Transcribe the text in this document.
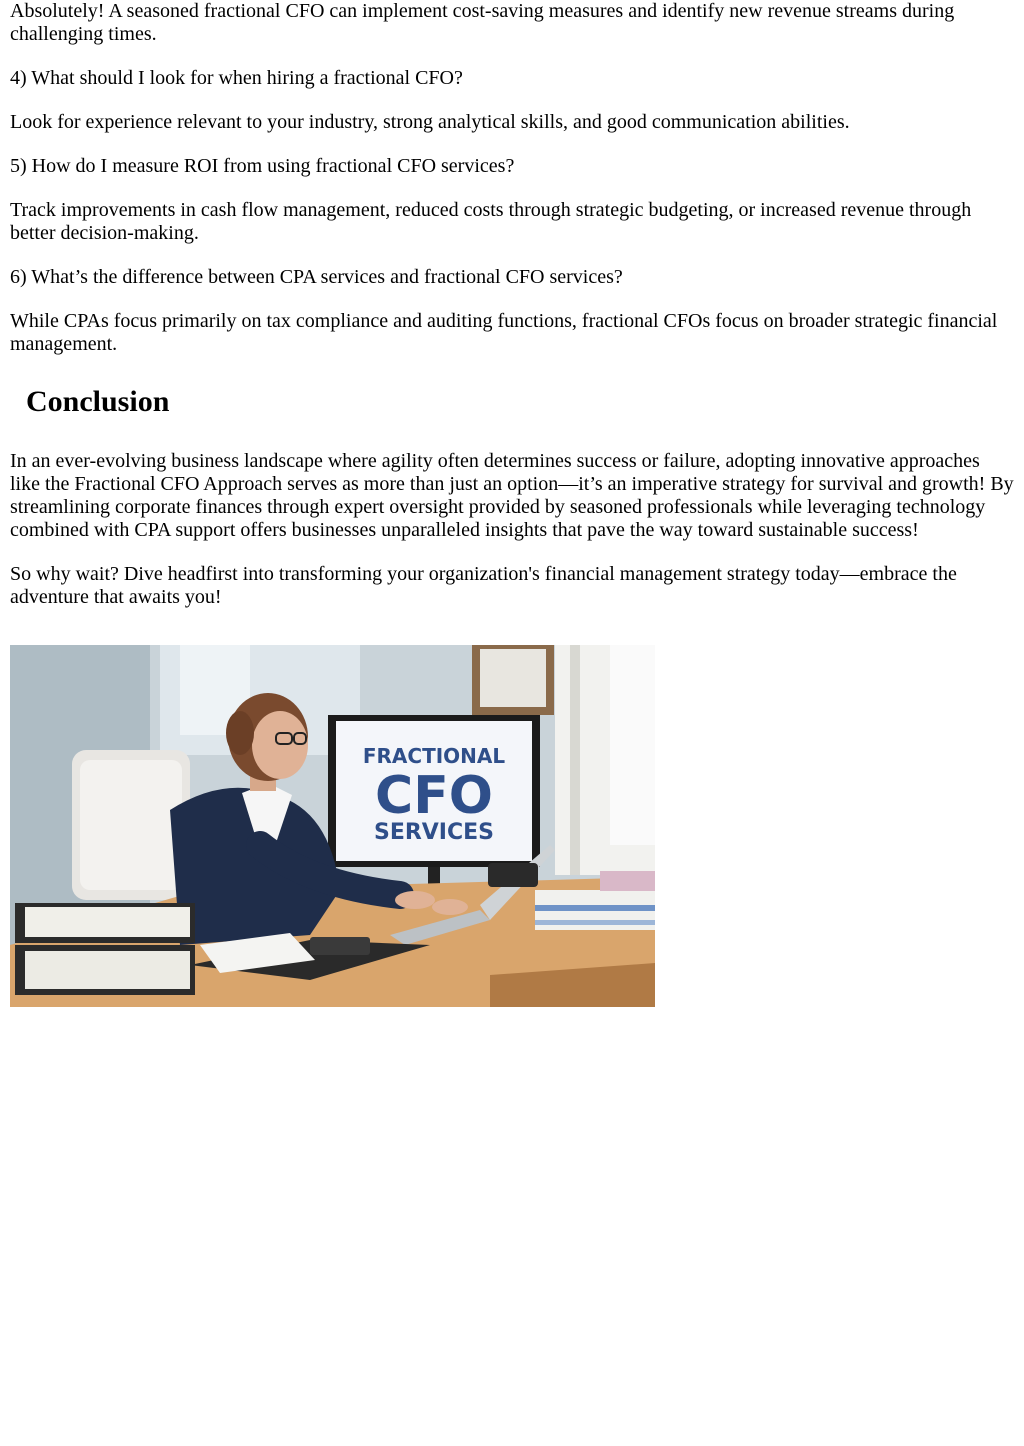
Absolutely! A seasoned fractional CFO can implement cost-saving measures and identify new revenue streams during challenging times.

4) What should I look for when hiring a fractional CFO?

Look for experience relevant to your industry, strong analytical skills, and good communication abilities.

5) How do I measure ROI from using fractional CFO services?

Track improvements in cash flow management, reduced costs through strategic budgeting, or increased revenue through better decision-making.

6) What’s the difference between CPA services and fractional CFO services?

While CPAs focus primarily on tax compliance and auditing functions, fractional CFOs focus on broader strategic financial management.

Conclusion

In an ever-evolving business landscape where agility often determines success or failure, adopting innovative approaches like the Fractional CFO Approach serves as more than just an option—it’s an imperative strategy for survival and growth! By streamlining corporate finances through expert oversight provided by seasoned professionals while leveraging technology combined with CPA support offers businesses unparalleled insights that pave the way toward sustainable success!

So why wait? Dive headfirst into transforming your organization's financial management strategy today—embrace the adventure that awaits you!

FRACTIONAL
CFO
SERVICES
